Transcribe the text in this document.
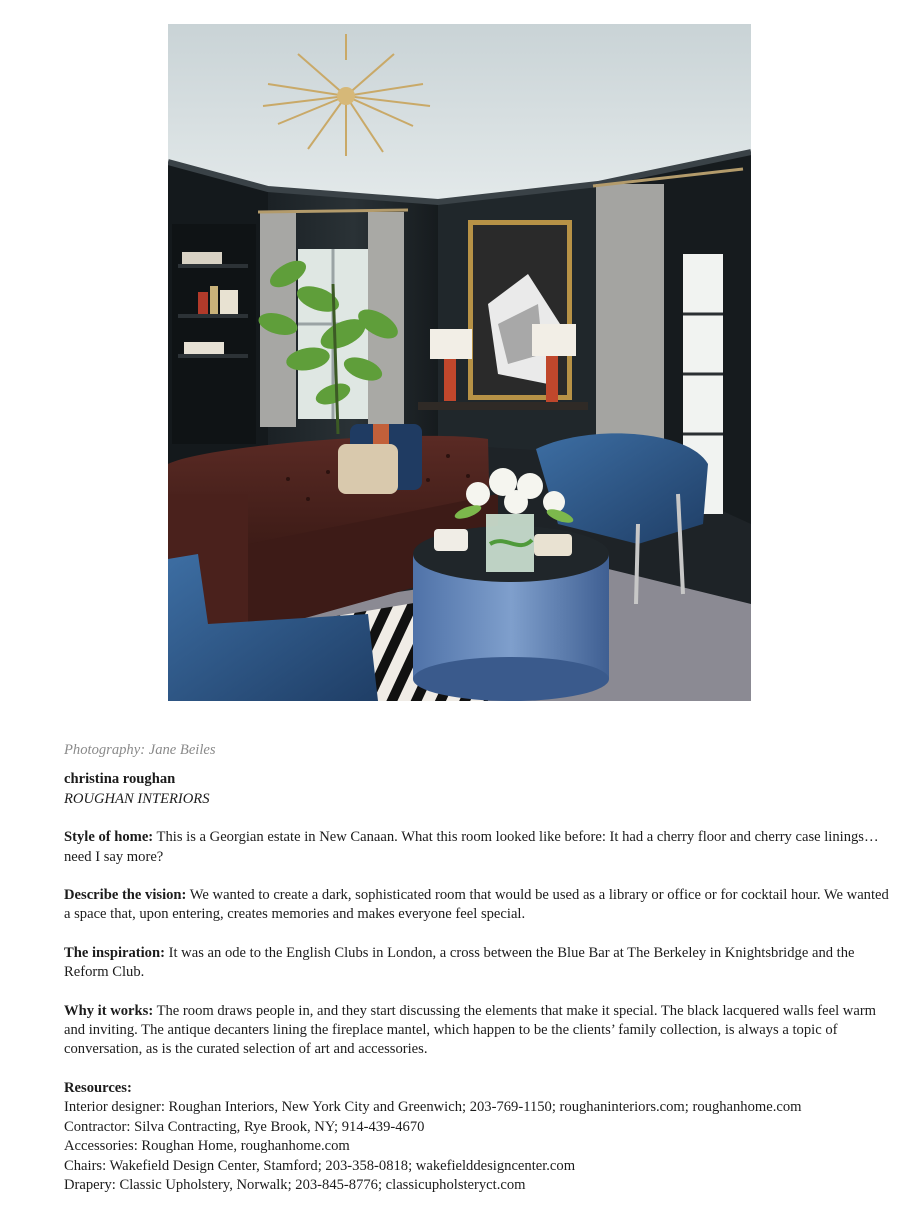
Photography: Jane Beiles

christina roughan

ROUGHAN INTERIORS

Style of home: This is a Georgian estate in New Canaan. What this room looked like before: It had a cherry floor and cherry case linings…need I say more?

Describe the vision: We wanted to create a dark, sophisticated room that would be used as a library or office or for cocktail hour. We wanted a space that, upon entering, creates memories and makes everyone feel special.

The inspiration: It was an ode to the English Clubs in London, a cross between the Blue Bar at The Berkeley in Knightsbridge and the Reform Club.

Why it works: The room draws people in, and they start discussing the elements that make it special. The black lacquered walls feel warm and inviting. The antique decanters lining the fireplace mantel, which happen to be the clients’ family collection, is always a topic of conversation, as is the curated selection of art and accessories.

Resources:

Interior designer: Roughan Interiors, New York City and Greenwich; 203-769-1150; roughaninteriors.com; roughanhome.com

Contractor: Silva Contracting, Rye Brook, NY; 914-439-4670

Accessories: Roughan Home, roughanhome.com

Chairs: Wakefield Design Center, Stamford; 203-358-0818; wakefielddesigncenter.com

Drapery: Classic Upholstery, Norwalk; 203-845-8776; classicupholsteryct.com
